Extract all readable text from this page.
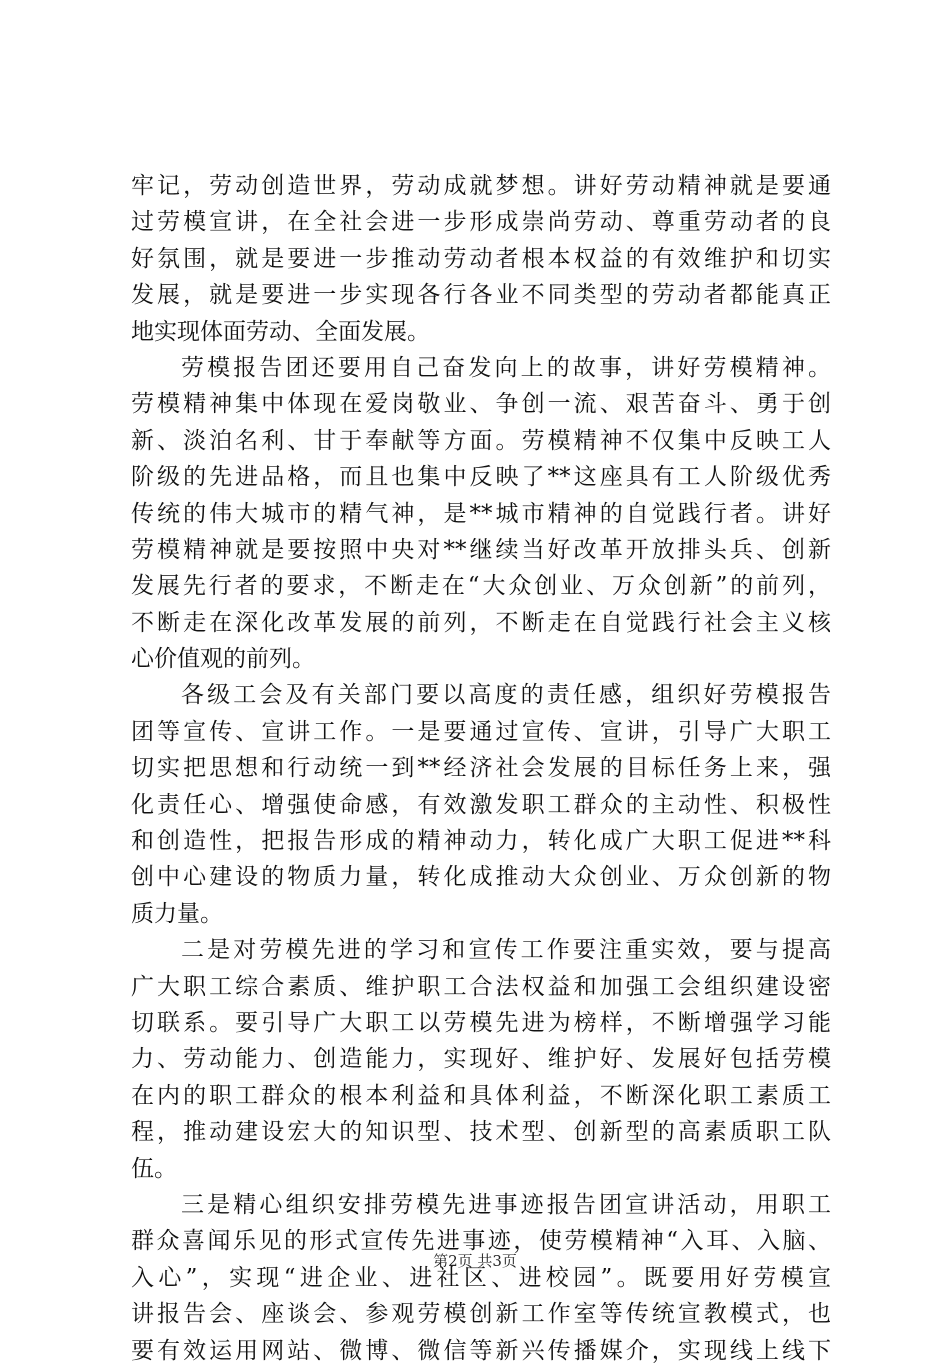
牢记，劳动创造世界，劳动成就梦想。讲好劳动精神就是要通
过劳模宣讲，在全社会进一步形成崇尚劳动、尊重劳动者的良
好氛围，就是要进一步推动劳动者根本权益的有效维护和切实
发展，就是要进一步实现各行各业不同类型的劳动者都能真正
地实现体面劳动、全面发展。
劳模报告团还要用自己奋发向上的故事，讲好劳模精神。
劳模精神集中体现在爱岗敬业、争创一流、艰苦奋斗、勇于创
新、淡泊名利、甘于奉献等方面。劳模精神不仅集中反映工人
阶级的先进品格，而且也集中反映了**这座具有工人阶级优秀
传统的伟大城市的精气神，是**城市精神的自觉践行者。讲好
劳模精神就是要按照中央对**继续当好改革开放排头兵、创新
发展先行者的要求，不断走在“大众创业、万众创新”的前列，
不断走在深化改革发展的前列，不断走在自觉践行社会主义核
心价值观的前列。
各级工会及有关部门要以高度的责任感，组织好劳模报告
团等宣传、宣讲工作。一是要通过宣传、宣讲，引导广大职工
切实把思想和行动统一到**经济社会发展的目标任务上来，强
化责任心、增强使命感，有效激发职工群众的主动性、积极性
和创造性，把报告形成的精神动力，转化成广大职工促进**科
创中心建设的物质力量，转化成推动大众创业、万众创新的物
质力量。
二是对劳模先进的学习和宣传工作要注重实效，要与提高
广大职工综合素质、维护职工合法权益和加强工会组织建设密
切联系。要引导广大职工以劳模先进为榜样，不断增强学习能
力、劳动能力、创造能力，实现好、维护好、发展好包括劳模
在内的职工群众的根本利益和具体利益，不断深化职工素质工
程，推动建设宏大的知识型、技术型、创新型的高素质职工队
伍。
三是精心组织安排劳模先进事迹报告团宣讲活动，用职工
群众喜闻乐见的形式宣传先进事迹，使劳模精神“入耳、入脑、
入心”，实现“进企业、进社区、进校园”。既要用好劳模宣
讲报告会、座谈会、参观劳模创新工作室等传统宣教模式，也
要有效运用网站、微博、微信等新兴传播媒介，实现线上线下
第2页 共3页
